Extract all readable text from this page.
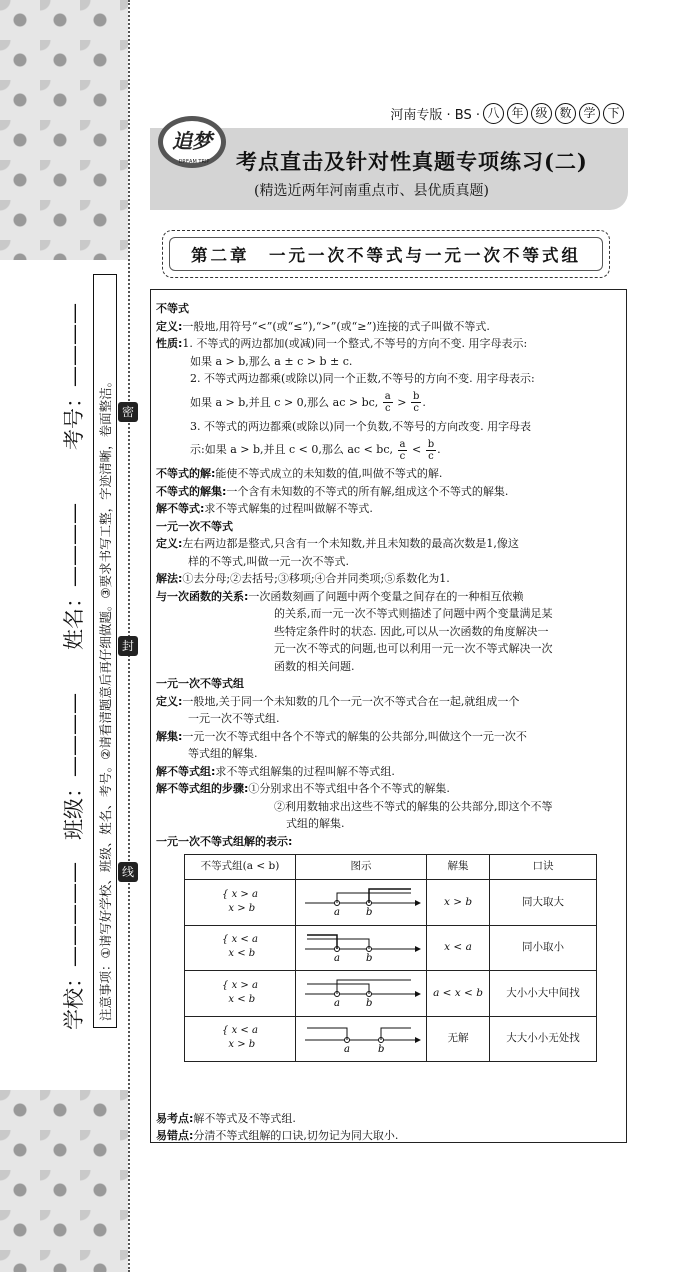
学校：—————
班级：————
姓名：————
考号：————
注意事项：①请写好学校、班级、姓名、考号。②请看清题意后再仔细做题。③要求书写工整，字迹清晰，卷面整洁。 密
封
线
河南专版 · BS · 八 年 级 数 学 下
追梦
DREAM TRIP 考点直击及针对性真题专项练习(二)
(精选近两年河南重点市、县优质真题)
第二章　一元一次不等式与一元一次不等式组

不等式

定义:一般地,用符号“<”(或“≤”),“>”(或“≥”)连接的式子叫做不等式.

性质:1. 不等式的两边都加(或减)同一个整式,不等号的方向不变. 用字母表示:

如果 a > b,那么 a ± c > b ± c.

2. 不等式两边都乘(或除以)同一个正数,不等号的方向不变. 用字母表示:

如果 a > b,并且 c > 0,那么 ac > bc, $\frac{a}{c} > \frac{b}{c}$ .

3. 不等式的两边都乘(或除以)同一个负数,不等号的方向改变. 用字母表

示:如果 a > b,并且 c < 0,那么 ac < bc, $\frac{a}{c} < \frac{b}{c}$ .

不等式的解:能使不等式成立的未知数的值,叫做不等式的解.

不等式的解集:一个含有未知数的不等式的所有解,组成这个不等式的解集.

解不等式:求不等式解集的过程叫做解不等式.

一元一次不等式

定义:左右两边都是整式,只含有一个未知数,并且未知数的最高次数是1,像这

样的不等式,叫做一元一次不等式.

解法:①去分母;②去括号;③移项;④合并同类项;⑤系数化为1.

与一次函数的关系:一次函数刻画了问题中两个变量之间存在的一种相互依赖

的关系,而一元一次不等式则描述了问题中两个变量满足某

些特定条件时的状态. 因此,可以从一次函数的角度解决一

元一次不等式的问题,也可以利用一元一次不等式解决一次

函数的相关问题.

一元一次不等式组

定义:一般地,关于同一个未知数的几个一元一次不等式合在一起,就组成一个

一元一次不等式组.

解集:一元一次不等式组中各个不等式的解集的公共部分,叫做这个一元一次不

等式组的解集.

解不等式组:求不等式组解集的过程叫解不等式组.

解不等式组的步骤:①分别求出不等式组中各个不等式的解集.

②利用数轴求出这些不等式的解集的公共部分,即这个不等

式组的解集.

一元一次不等式组解的表示:

不等式组(a < b)	图示	解集	口诀
{ x > a
x > b	a b	x > b	同大取大
{ x < a
x < b	a b	x < a	同小取小
{ x > a
x < b	a b	a < x < b	大小小大中间找
{ x < a
x > b	a b	无解	大大小小无处找

易考点:解不等式及不等式组.

易错点:分清不等式组解的口诀,切勿记为同大取小.
